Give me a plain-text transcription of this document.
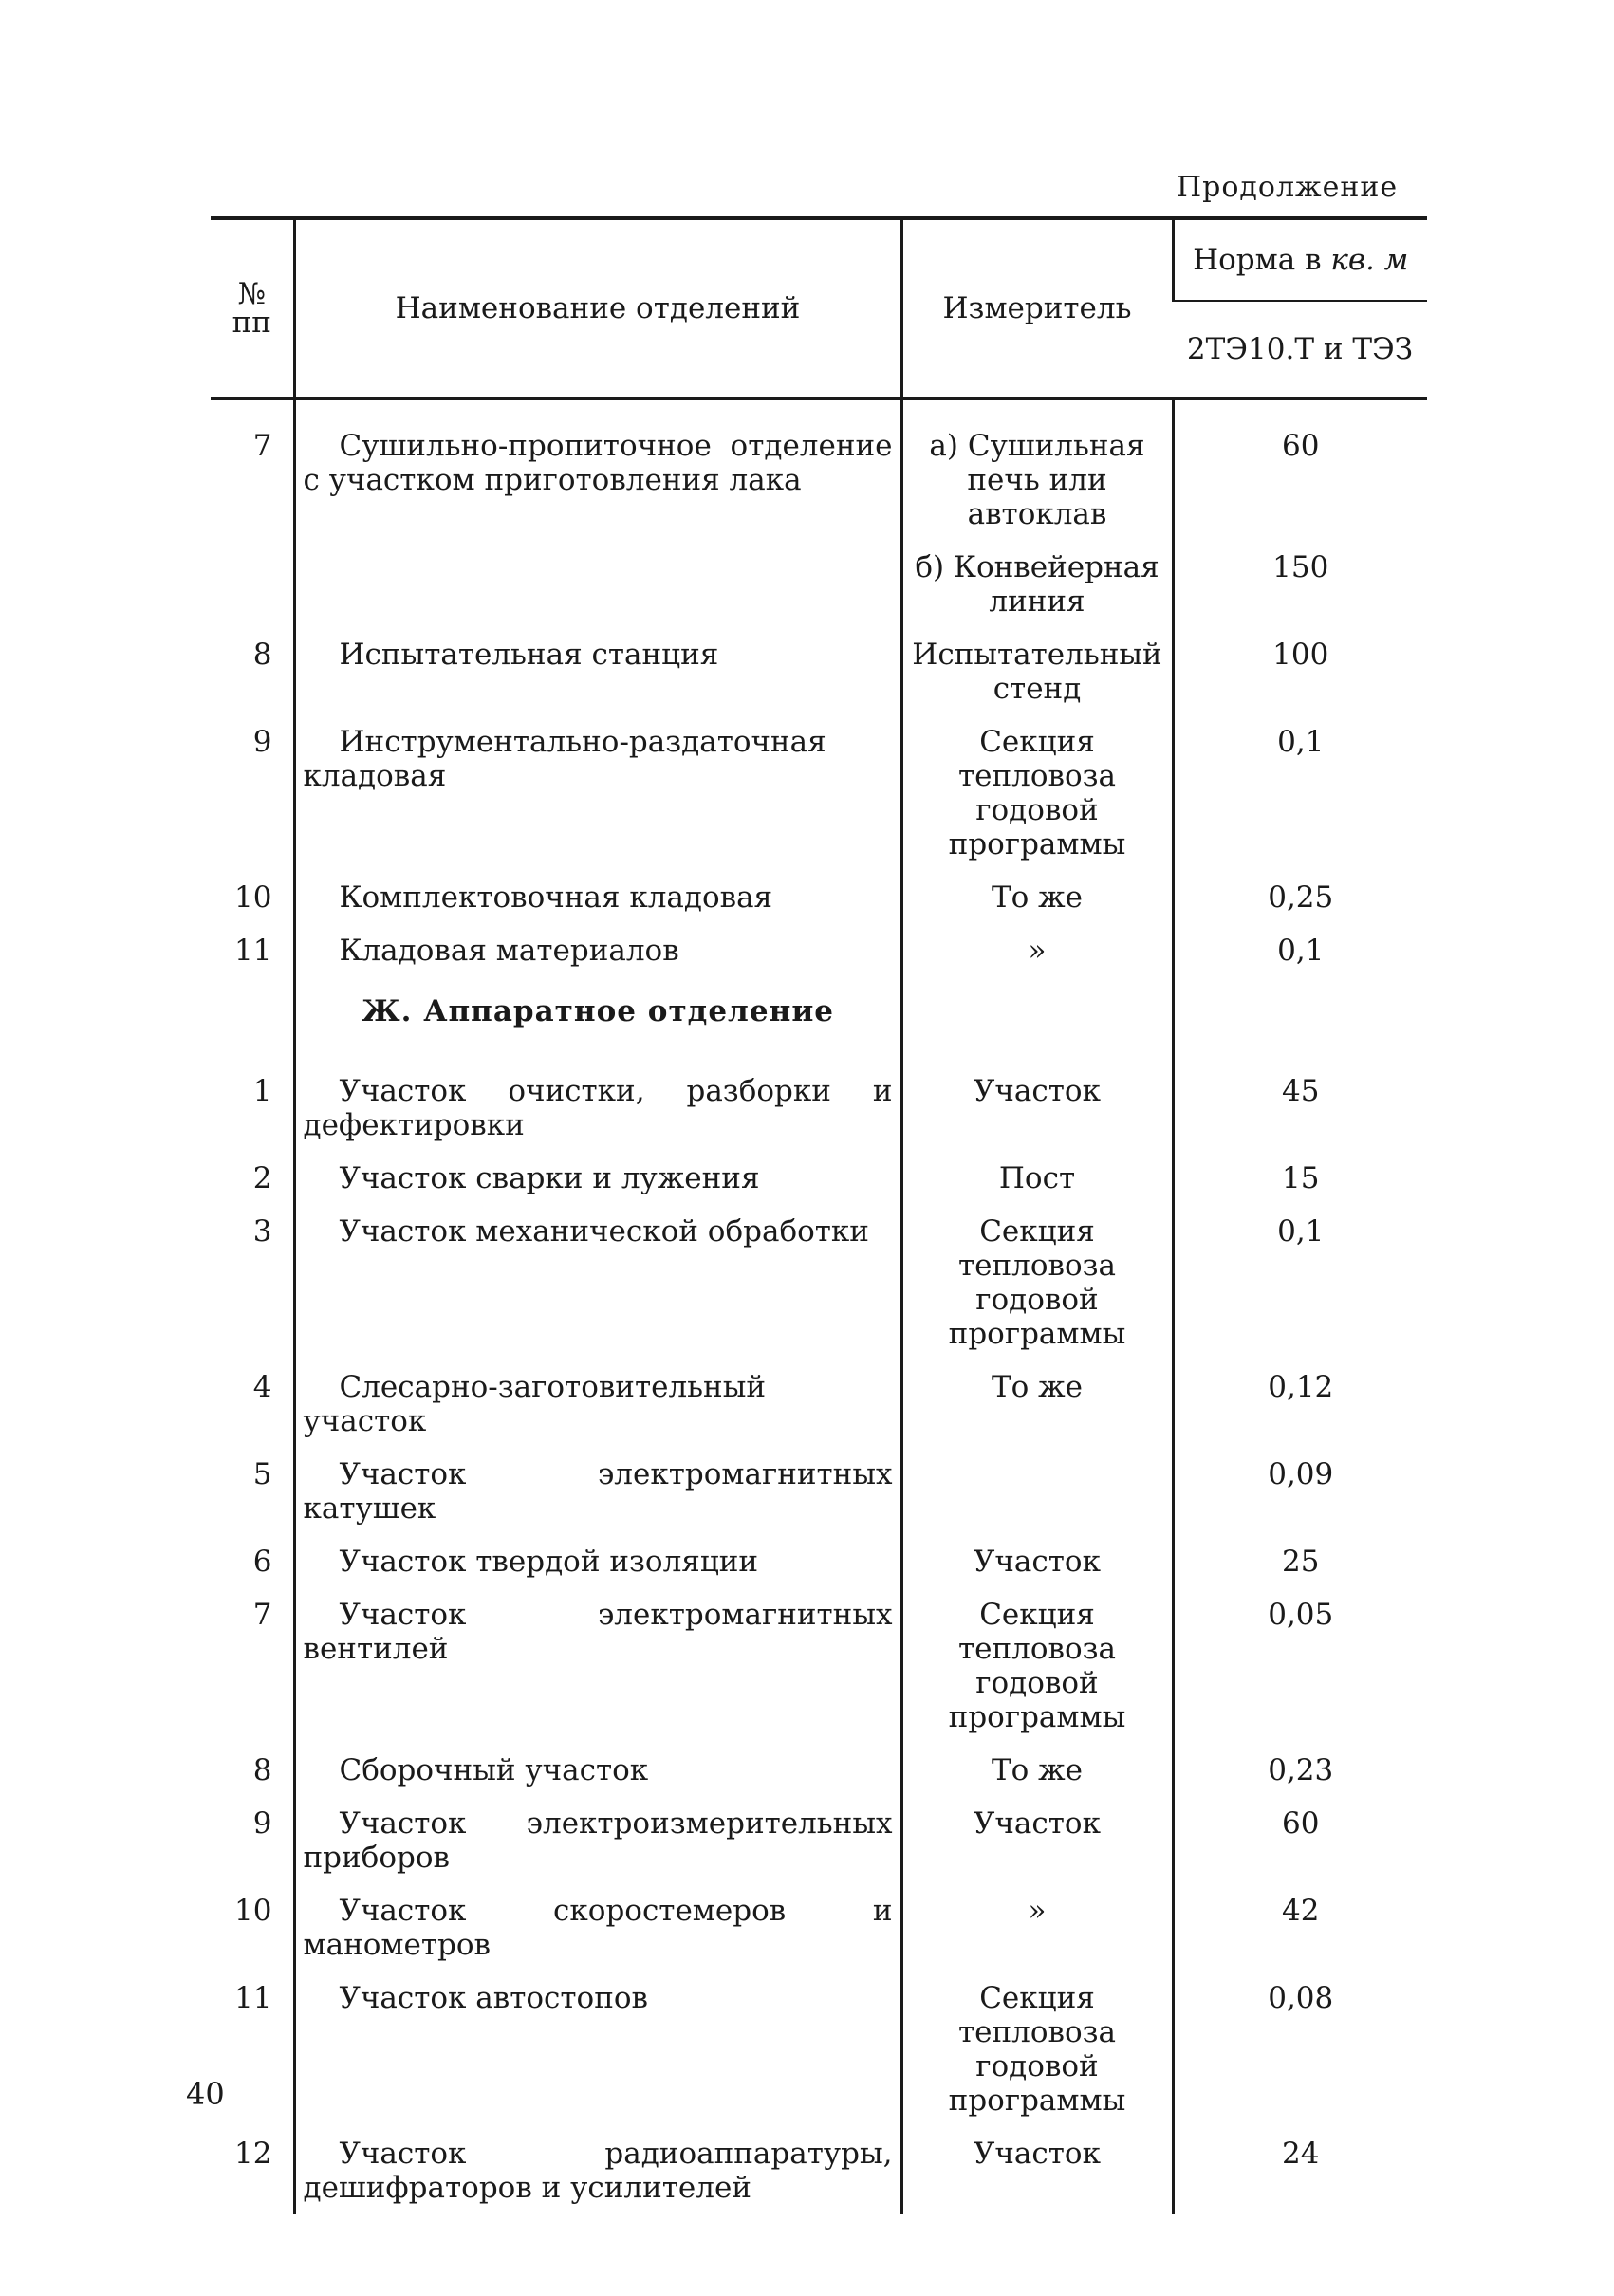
Продолжение
№ пп	Наименование отделений	Измеритель	Норма в кв. м
			2ТЭ10.Т и ТЭЗ
7	Сушильно-пропиточное отделение с участком приготовления лака	а) Сушильная печь или автоклав	60
		б) Конвейерная линия	150
8	Испытательная станция	Испытательный стенд	100
9	Инструментально-раздаточная кладовая	Секция тепловоза годовой программы	0,1
10	Комплектовочная кладовая	То же	0,25
11	Кладовая материалов	»	0,1
	Ж. Аппаратное отделение		
1	Участок очистки, разборки и дефектировки	Участок	45
2	Участок сварки и лужения	Пост	15
3	Участок механической обработки	Секция тепловоза годовой программы	0,1
4	Слесарно-заготовительный участок	То же	0,12
5	Участок электромагнитных катушек		0,09
6	Участок твердой изоляции	Участок	25
7	Участок электромагнитных вентилей	Секция тепловоза годовой программы	0,05
8	Сборочный участок	То же	0,23
9	Участок электроизмерительных приборов	Участок	60
10	Участок скоростемеров и манометров	»	42
11	Участок автостопов	Секция тепловоза годовой программы	0,08
12	Участок радиоаппаратуры, дешифраторов и усилителей	Участок	24
40
